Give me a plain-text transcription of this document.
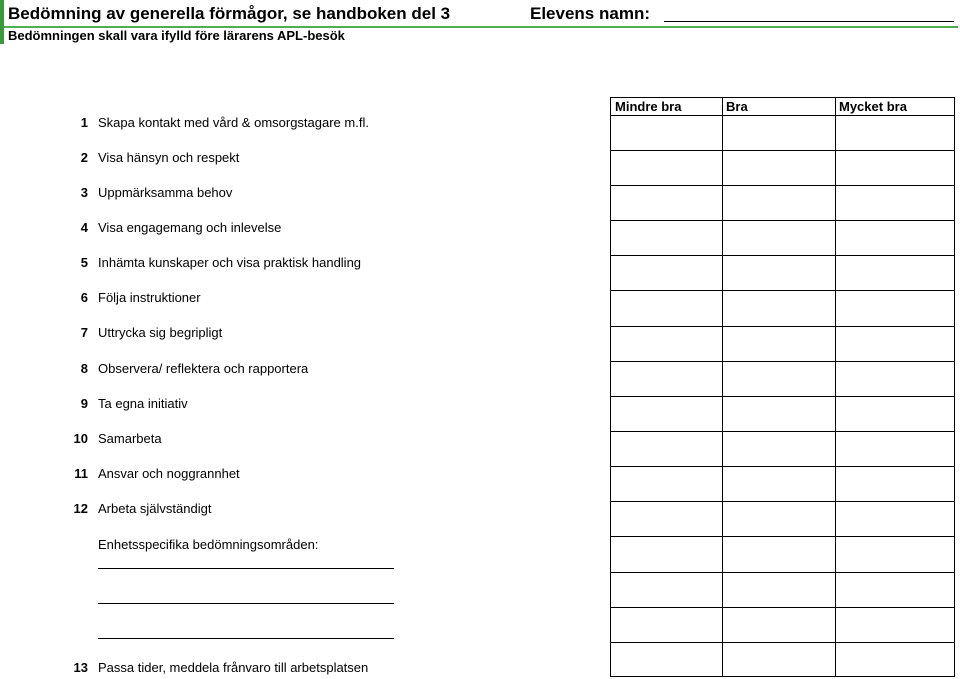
Bedömning av generella förmågor, se handboken del 3
Bedömningen skall vara ifylld före lärarens APL-besök
Elevens namn:
1 Skapa kontakt med vård & omsorgstagare m.fl.
2 Visa hänsyn och respekt
3 Uppmärksamma behov
4 Visa engagemang och inlevelse
5 Inhämta kunskaper och visa praktisk handling
6 Följa instruktioner
7 Uttrycka sig begripligt
8 Observera/ reflektera och rapportera
9 Ta egna initiativ
10 Samarbeta
11 Ansvar och noggrannhet
12 Arbeta självständigt
Enhetsspecifika bedömningsområden:
13 Passa tider, meddela frånvaro till arbetsplatsen
Mindre bra	Bra	Mycket bra
